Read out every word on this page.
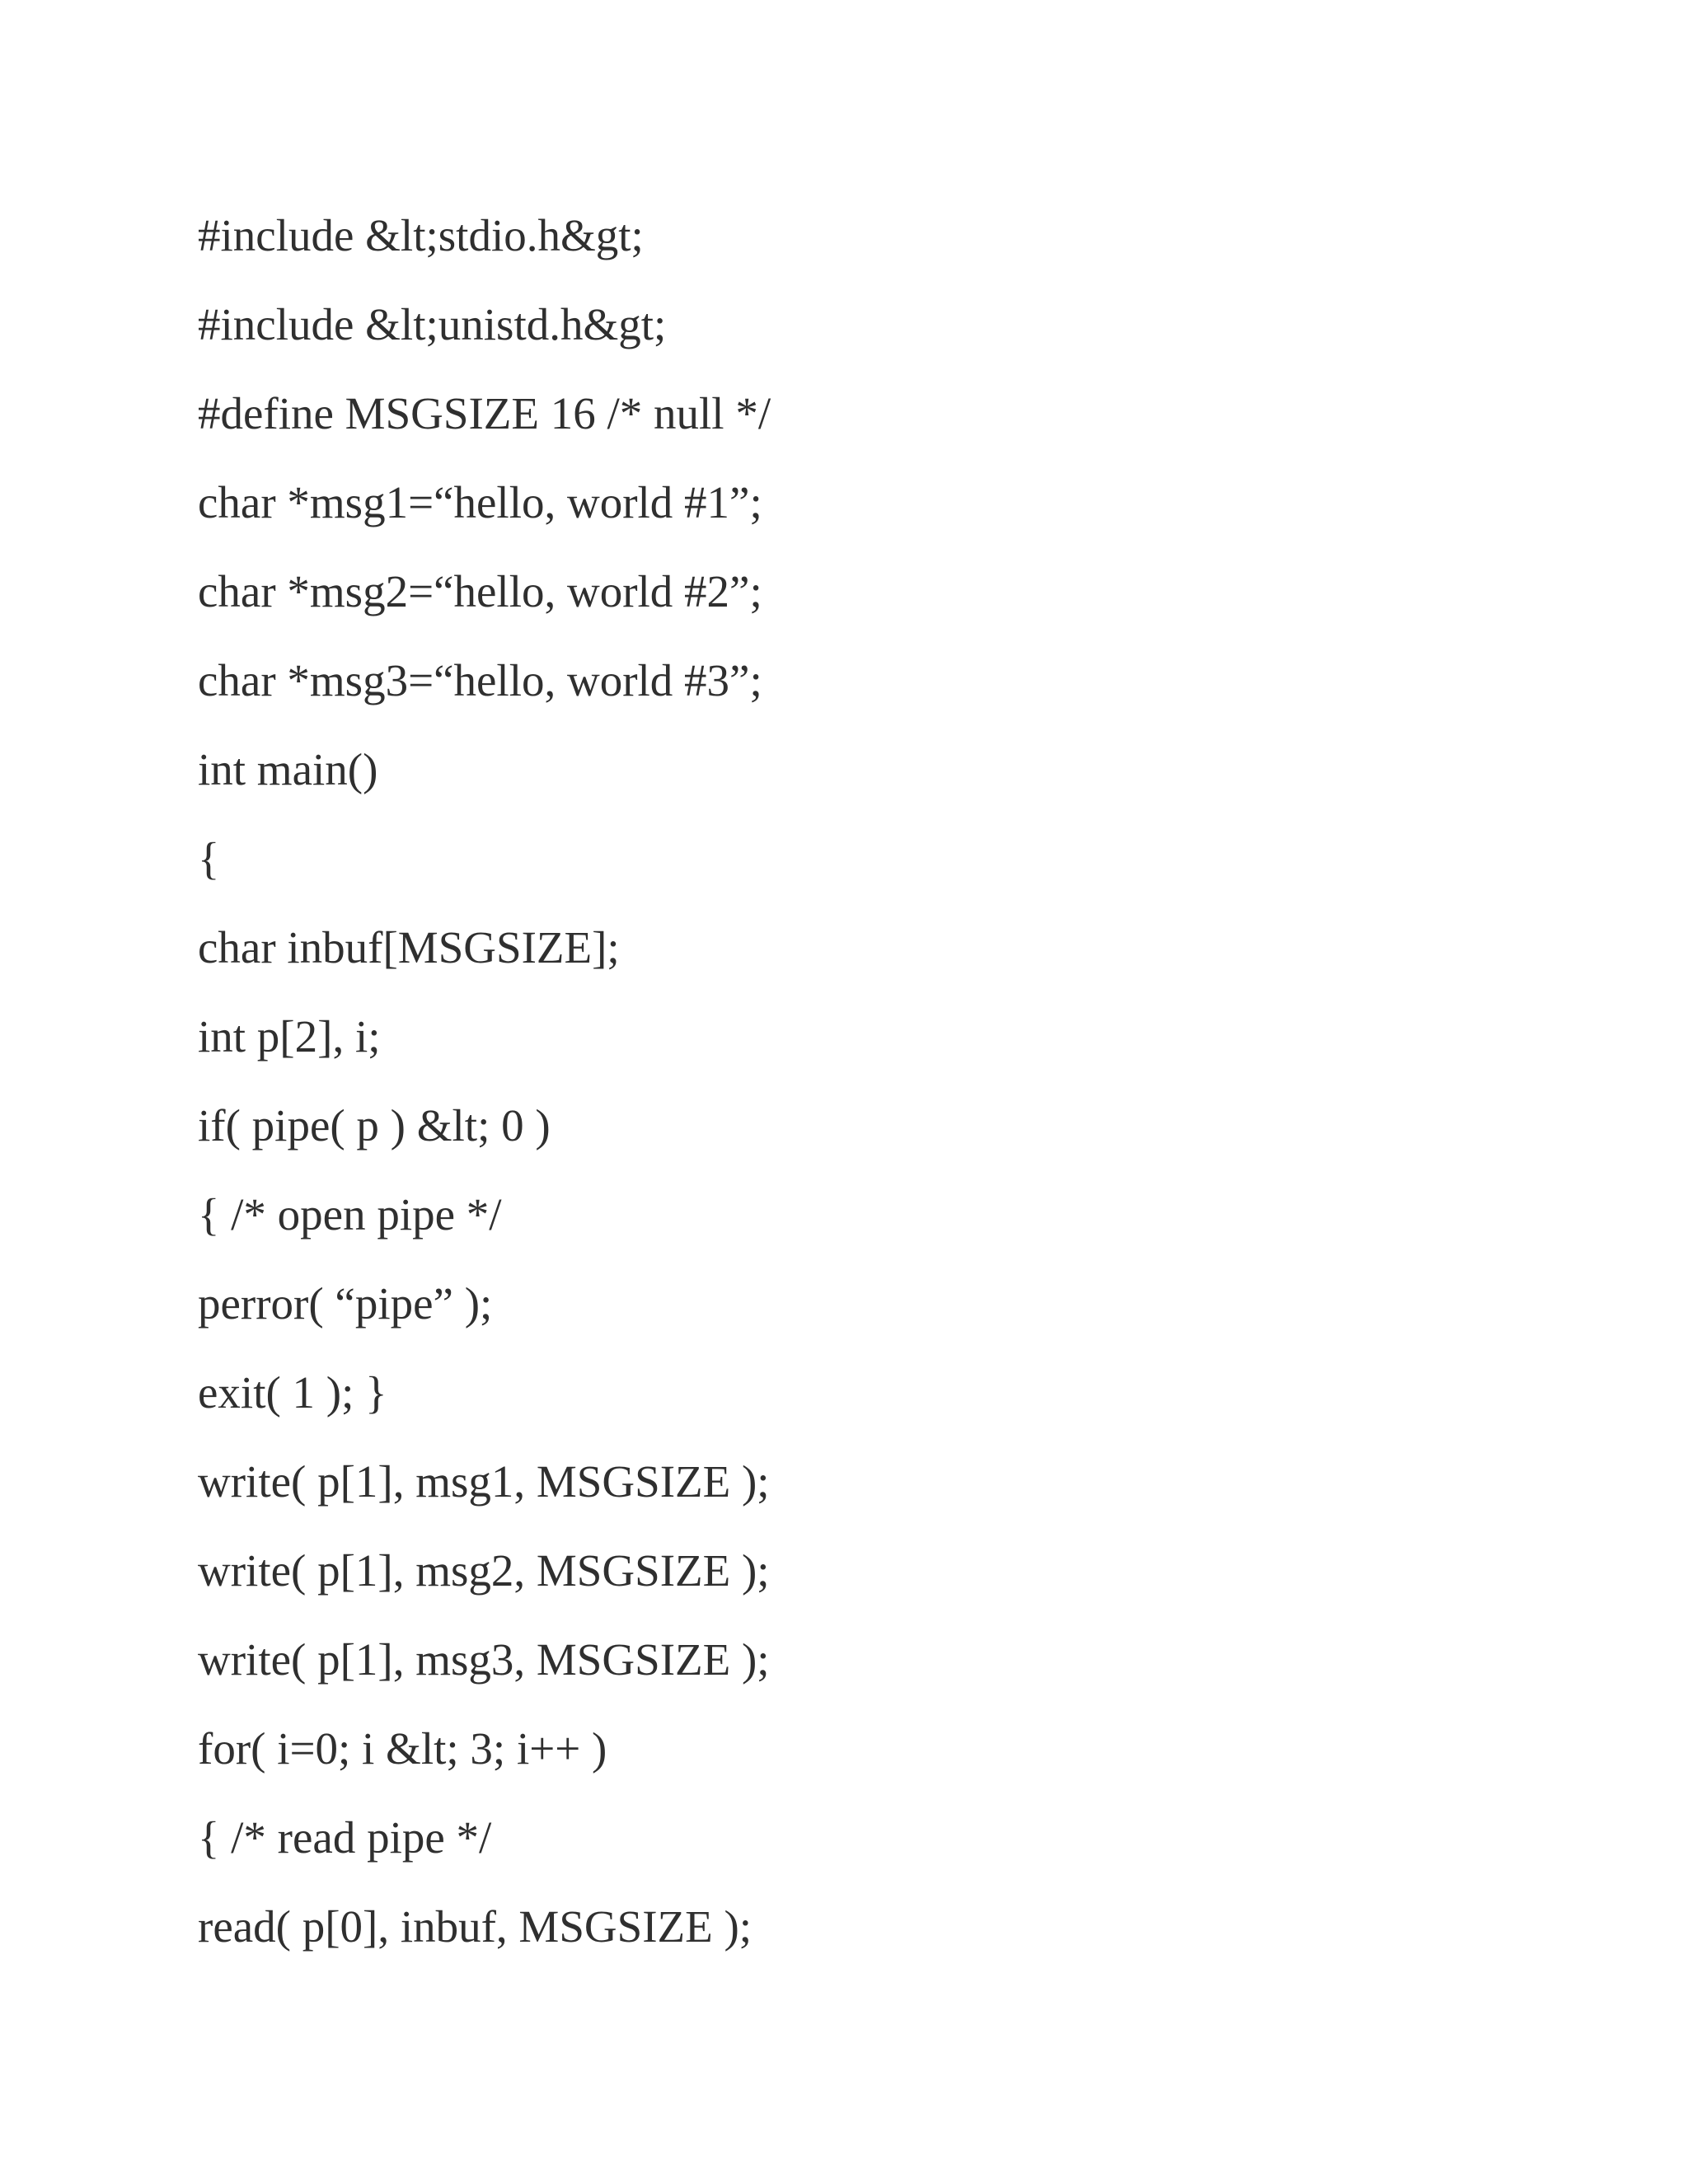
#include &lt;stdio.h&gt;
#include &lt;unistd.h&gt;
#define MSGSIZE 16 /* null */
char *msg1=“hello, world #1”;
char *msg2=“hello, world #2”;
char *msg3=“hello, world #3”;
int main()
{
char inbuf[MSGSIZE];
int p[2], i;
if( pipe( p ) &lt; 0 )
{ /* open pipe */
perror( “pipe” );
exit( 1 ); }
write( p[1], msg1, MSGSIZE );
write( p[1], msg2, MSGSIZE );
write( p[1], msg3, MSGSIZE );
for( i=0; i &lt; 3; i++ )
{ /* read pipe */
read( p[0], inbuf, MSGSIZE );
